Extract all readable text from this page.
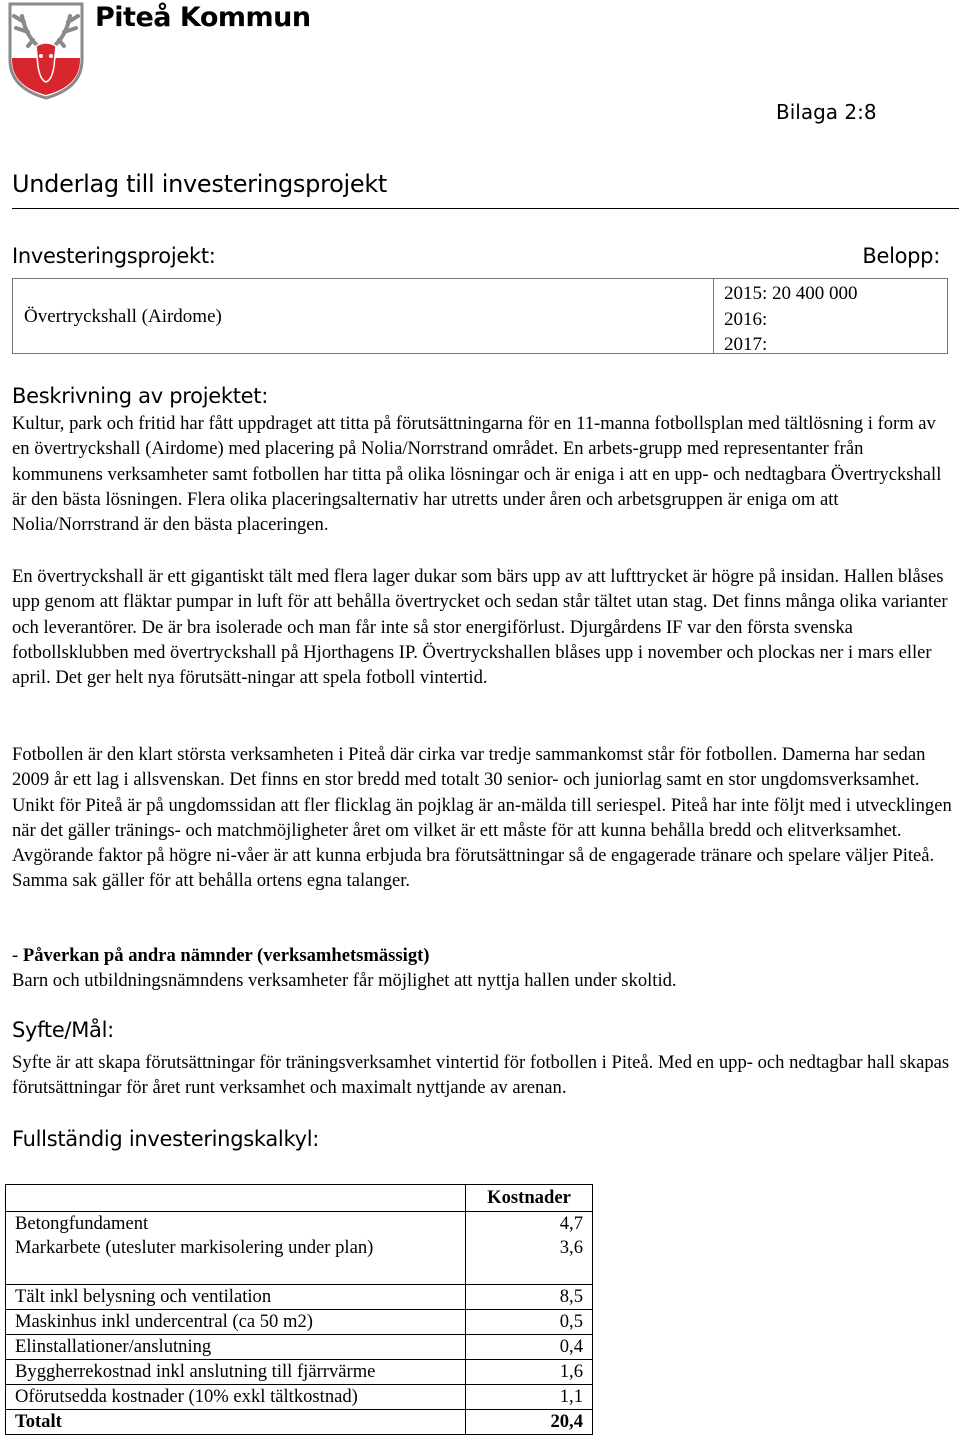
Piteå Kommun
Bilaga 2:8
Underlag till investeringsprojekt
Investeringsprojekt:	Belopp:
Övertryckshall (Airdome)
2015: 20 400 000
2016:
2017:
Beskrivning av projektet:
Kultur, park och fritid har fått uppdraget att titta på förutsättningarna för en 11-manna fotbollsplan med tältlösning i form av en övertryckshall (Airdome) med placering på Nolia/Norrstrand området. En arbets-grupp med representanter från kommunens verksamheter samt fotbollen har titta på olika lösningar och är eniga i att en upp- och nedtagbara Övertryckshall är den bästa lösningen. Flera olika placeringsalternativ har utretts under åren och arbetsgruppen är eniga om att Nolia/Norrstrand är den bästa placeringen.
En övertryckshall är ett gigantiskt tält med flera lager dukar som bärs upp av att lufttrycket är högre på insidan. Hallen blåses upp genom att fläktar pumpar in luft för att behålla övertrycket och sedan står tältet utan stag. Det finns många olika varianter och leverantörer. De är bra isolerade och man får inte så stor energiförlust. Djurgårdens IF var den första svenska fotbollsklubben med övertryckshall på Hjorthagens IP. Övertryckshallen blåses upp i november och plockas ner i mars eller april. Det ger helt nya förutsätt-ningar att spela fotboll vintertid.
Fotbollen är den klart största verksamheten i Piteå där cirka var tredje sammankomst står för fotbollen. Damerna har sedan 2009 år ett lag i allsvenskan. Det finns en stor bredd med totalt 30 senior- och juniorlag samt en stor ungdomsverksamhet. Unikt för Piteå är på ungdomssidan att fler flicklag än pojklag är an-mälda till seriespel. Piteå har inte följt med i utvecklingen när det gäller tränings- och matchmöjligheter året om vilket är ett måste för att kunna behålla bredd och elitverksamhet. Avgörande faktor på högre ni-våer är att kunna erbjuda bra förutsättningar så de engagerade tränare och spelare väljer Piteå. Samma sak gäller för att behålla ortens egna talanger.
- Påverkan på andra nämnder (verksamhetsmässigt)
Barn och utbildningsnämndens verksamheter får möjlighet att nyttja hallen under skoltid.
Syfte/Mål:
Syfte är att skapa förutsättningar för träningsverksamhet vintertid för fotbollen i Piteå. Med en upp- och nedtagbar hall skapas förutsättningar för året runt verksamhet och maximalt nyttjande av arenan.
Fullständig investeringskalkyl:
	Kostnader
Betongfundament	4,7
Markarbete (utesluter markisolering under plan)	3,6

Tält inkl belysning och ventilation	8,5
Maskinhus inkl undercentral (ca 50 m2)	0,5
Elinstallationer/anslutning	0,4
Byggherrekostnad inkl anslutning till fjärrvärme	1,6
Oförutsedda kostnader (10% exkl tältkostnad)	1,1
Totalt	20,4
